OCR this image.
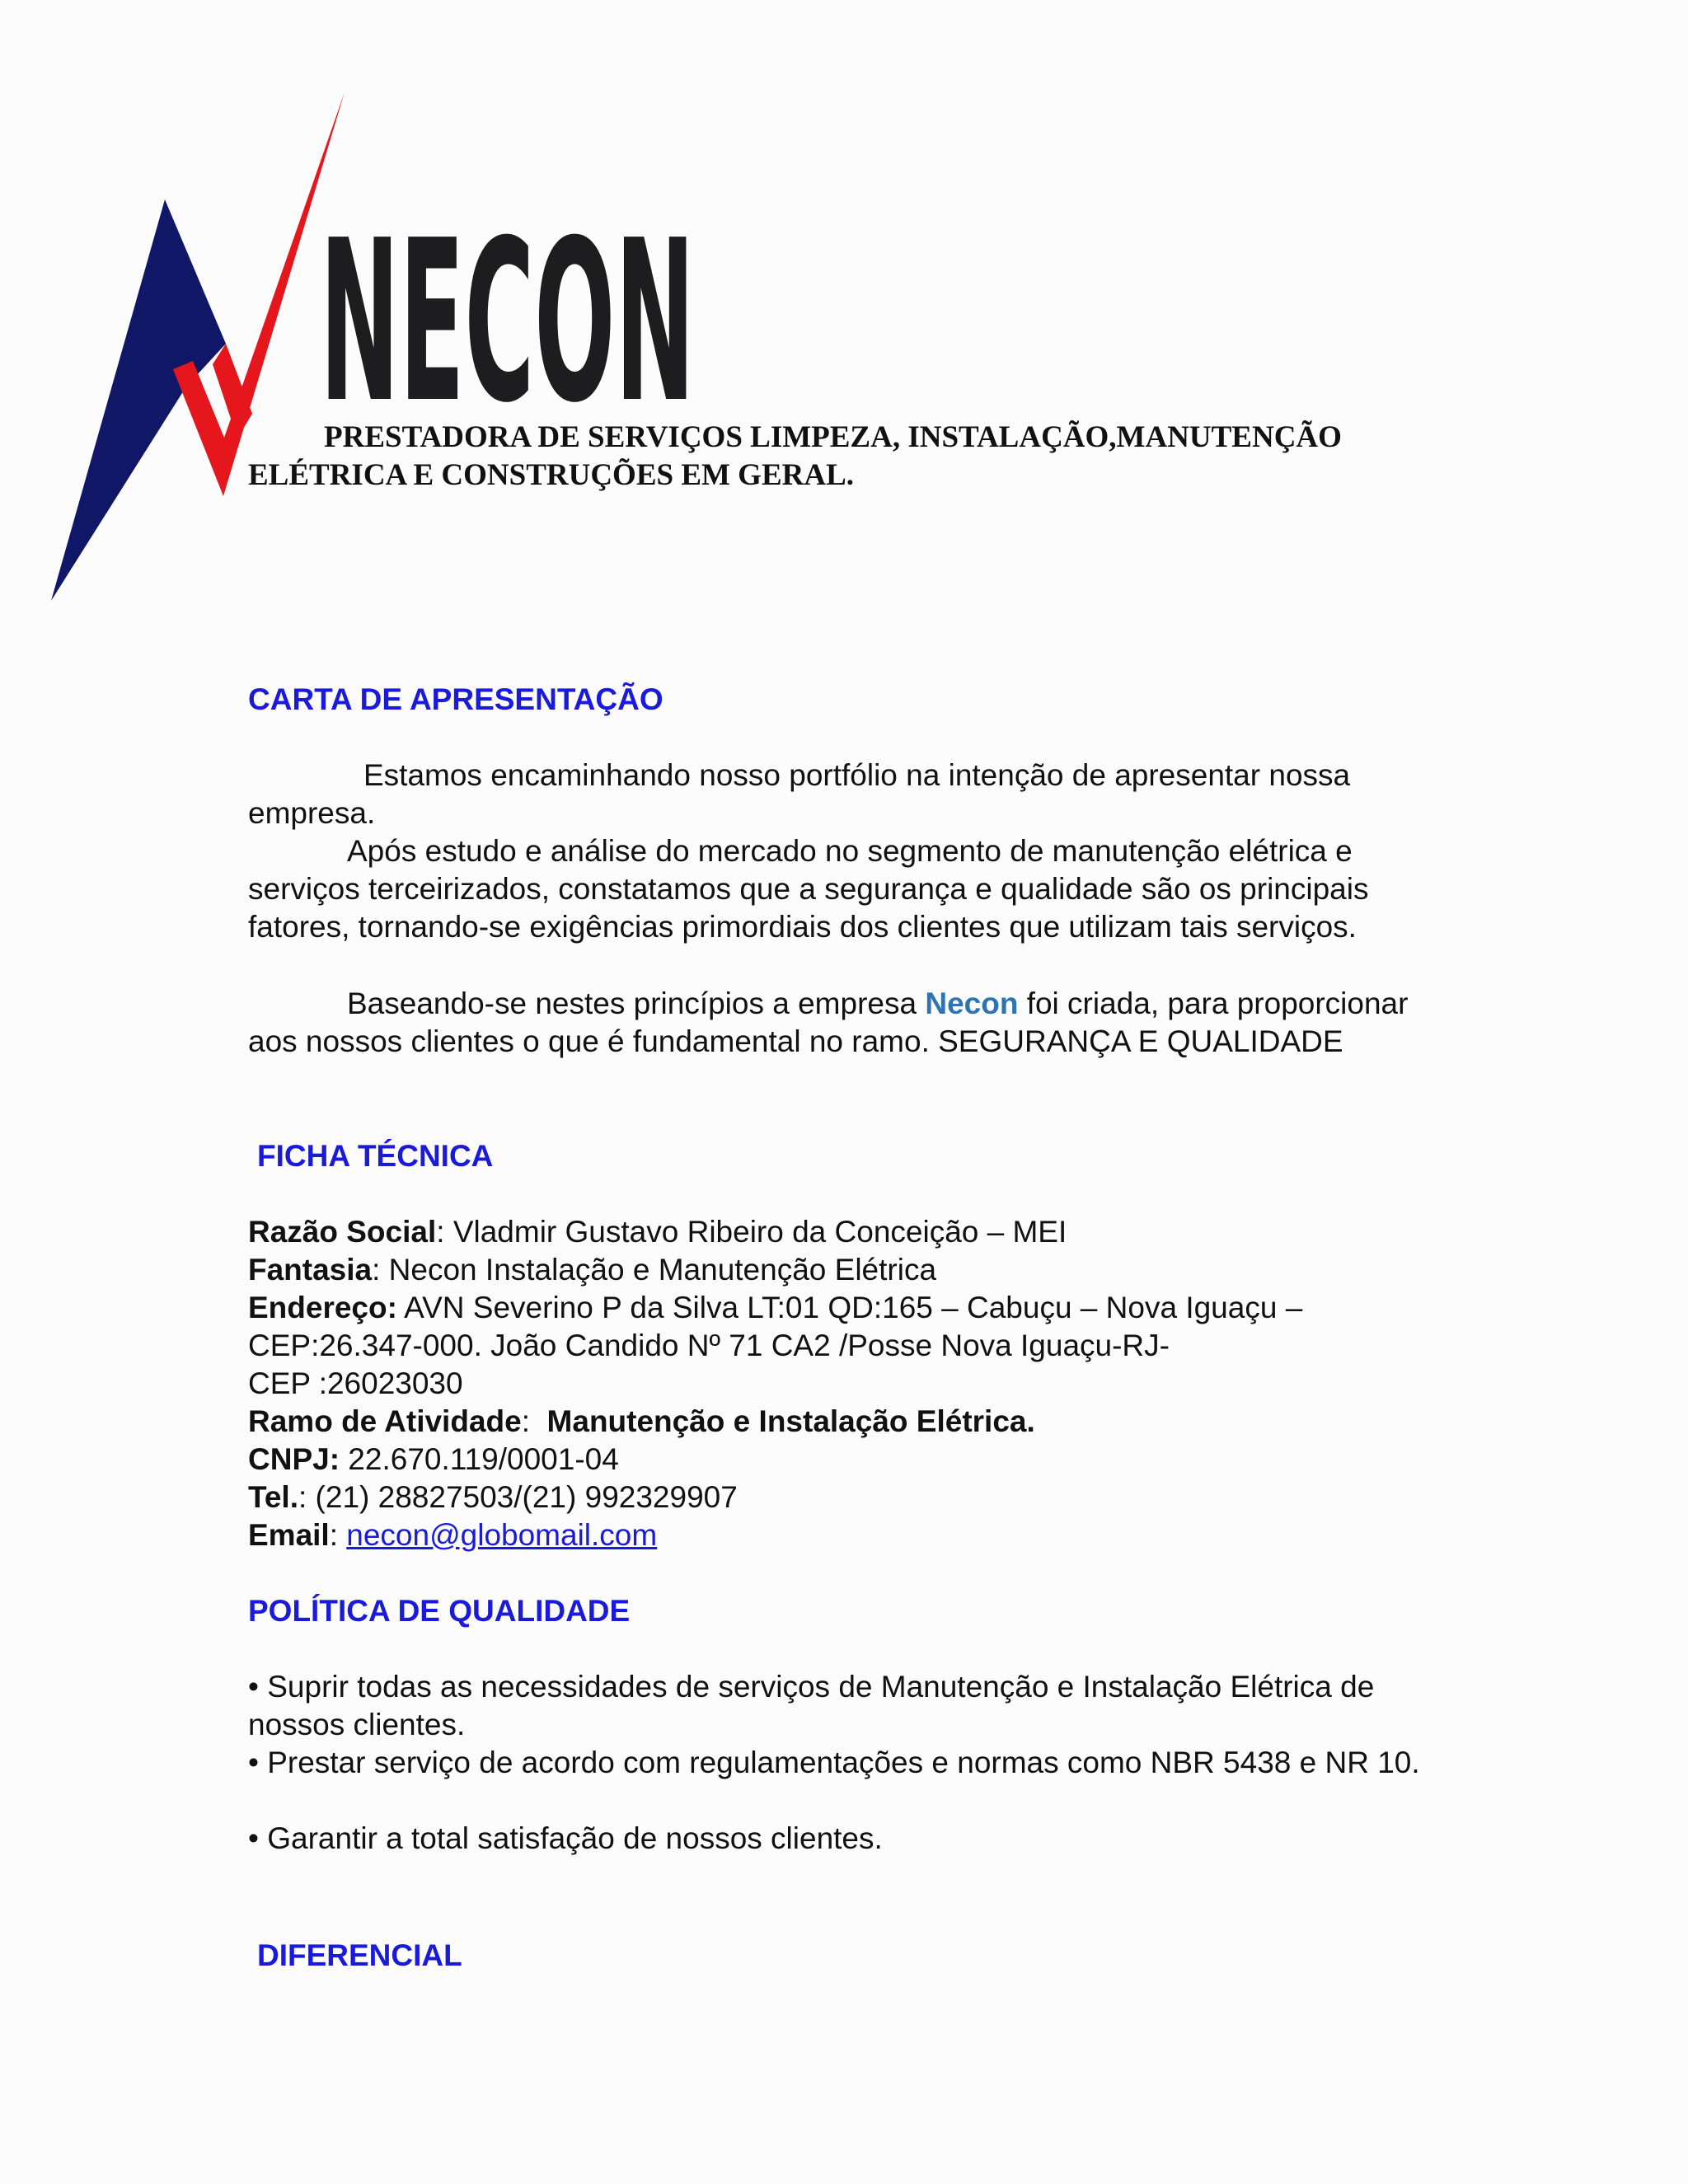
NECON
PRESTADORA DE SERVIÇOS LIMPEZA, INSTALAÇÃO,MANUTENÇÃO
ELÉTRICA E CONSTRUÇÕES EM GERAL.
CARTA DE APRESENTAÇÃO
Estamos encaminhando nosso portfólio na intenção de apresentar nossa empresa.
Após estudo e análise do mercado no segmento de manutenção elétrica e serviços terceirizados, constatamos que a segurança e qualidade são os principais fatores, tornando-se exigências primordiais dos clientes que utilizam tais serviços.
Baseando-se nestes princípios a empresa Necon foi criada, para proporcionar aos nossos clientes o que é fundamental no ramo. SEGURANÇA E QUALIDADE
FICHA TÉCNICA
Razão Social: Vladmir Gustavo Ribeiro da Conceição – MEI
Fantasia: Necon Instalação e Manutenção Elétrica
Endereço: AVN Severino P da Silva LT:01 QD:165 – Cabuçu – Nova Iguaçu –
CEP:26.347-000. João Candido Nº 71 CA2 /Posse Nova Iguaçu-RJ-
CEP :26023030
Ramo de Atividade:  Manutenção e Instalação Elétrica.
CNPJ: 22.670.119/0001-04
Tel.: (21) 28827503/(21) 992329907
Email: necon@globomail.com
POLÍTICA DE QUALIDADE
• Suprir todas as necessidades de serviços de Manutenção e Instalação Elétrica de nossos clientes.
• Prestar serviço de acordo com regulamentações e normas como NBR 5438 e NR 10.
• Garantir a total satisfação de nossos clientes.
DIFERENCIAL
